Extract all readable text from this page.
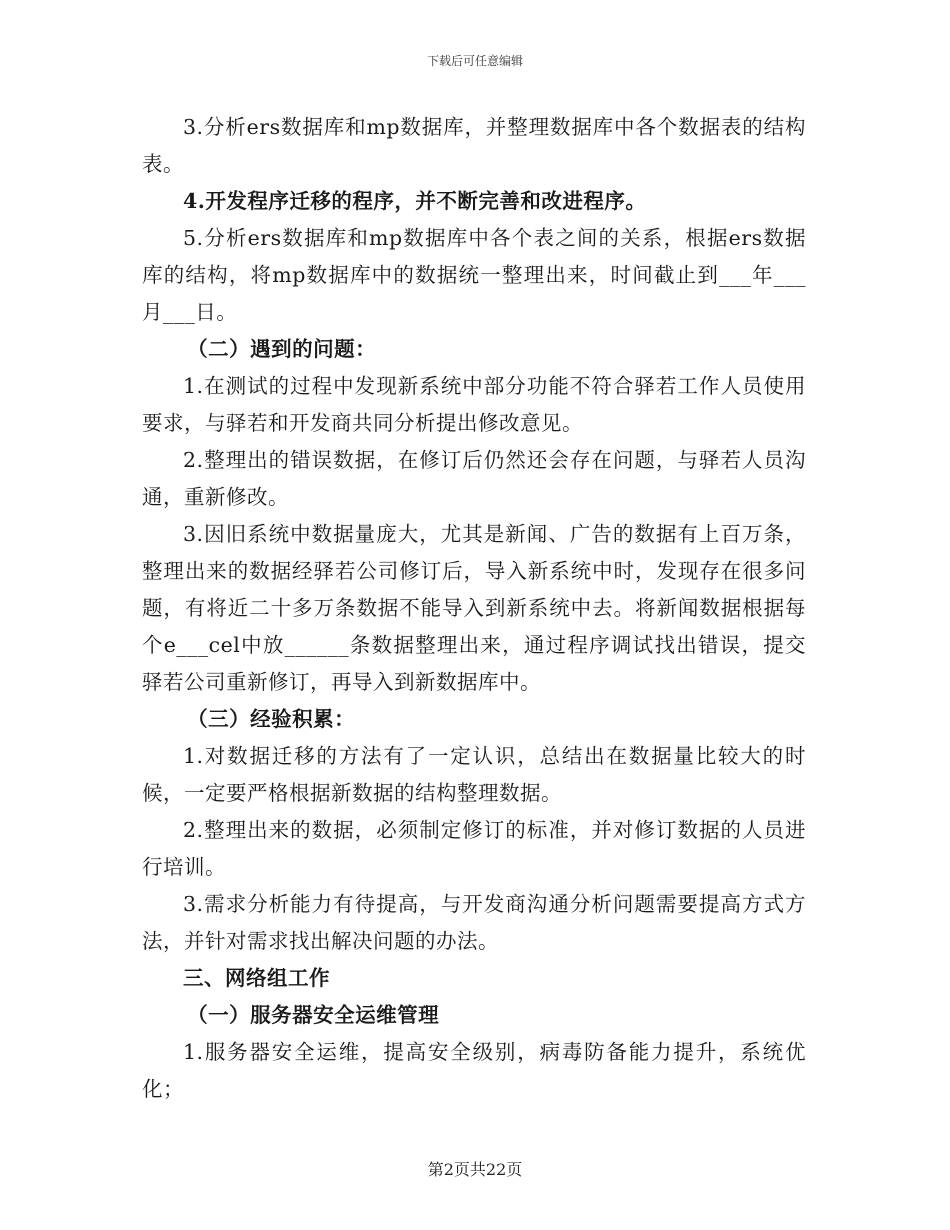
下载后可任意编辑

3.分析ers数据库和mp数据库，并整理数据库中各个数据表的结构表。

4.开发程序迁移的程序，并不断完善和改进程序。

5.分析ers数据库和mp数据库中各个表之间的关系，根据ers数据库的结构，将mp数据库中的数据统一整理出来，时间截止到___年___月___日。

（二）遇到的问题：

1.在测试的过程中发现新系统中部分功能不符合驿若工作人员使用要求，与驿若和开发商共同分析提出修改意见。

2.整理出的错误数据，在修订后仍然还会存在问题，与驿若人员沟通，重新修改。

3.因旧系统中数据量庞大，尤其是新闻、广告的数据有上百万条，整理出来的数据经驿若公司修订后，导入新系统中时，发现存在很多问题，有将近二十多万条数据不能导入到新系统中去。将新闻数据根据每个e___cel中放______条数据整理出来，通过程序调试找出错误，提交驿若公司重新修订，再导入到新数据库中。

（三）经验积累：

1.对数据迁移的方法有了一定认识，总结出在数据量比较大的时候，一定要严格根据新数据的结构整理数据。

2.整理出来的数据，必须制定修订的标准，并对修订数据的人员进行培训。

3.需求分析能力有待提高，与开发商沟通分析问题需要提高方式方法，并针对需求找出解决问题的办法。

三、网络组工作

（一）服务器安全运维管理

1.服务器安全运维，提高安全级别，病毒防备能力提升，系统优化；

第2页共22页
